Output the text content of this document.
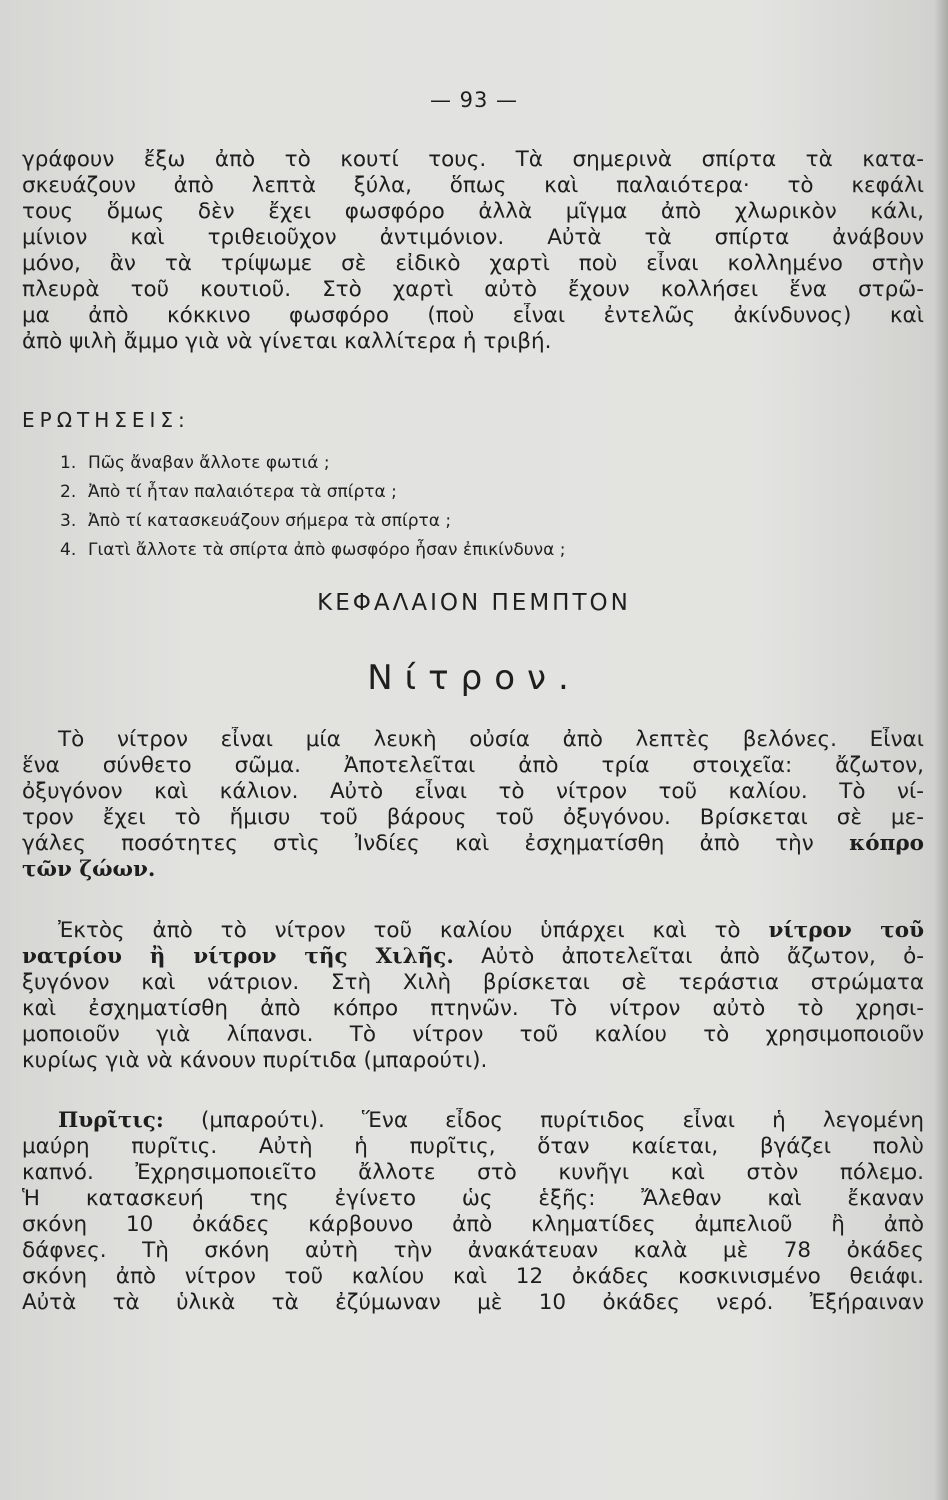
— 93 —
γράφουν ἔξω ἀπὸ τὸ κουτί τους. Τὰ σημερινὰ σπίρτα τὰ κατα-
σκευάζουν ἀπὸ λεπτὰ ξύλα, ὅπως καὶ παλαιότερα· τὸ κεφάλι
τους ὅμως δὲν ἔχει φωσφόρο ἀλλὰ μῖγμα ἀπὸ χλωρικὸν κάλι,
μίνιον καὶ τριθειοῦχον ἀντιμόνιον. Αὐτὰ τὰ σπίρτα ἀνάβουν
μόνο, ἂν τὰ τρίψωμε σὲ εἰδικὸ χαρτὶ ποὺ εἶναι κολλημένο στὴν
πλευρὰ τοῦ κουτιοῦ. Στὸ χαρτὶ αὐτὸ ἔχουν κολλήσει ἕνα στρῶ-
μα ἀπὸ κόκκινο φωσφόρο (ποὺ εἶναι ἐντελῶς ἀκίνδυνος) καὶ
ἀπὸ ψιλὴ ἄμμο γιὰ νὰ γίνεται καλλίτερα ἡ τριβή.
ΕΡΩΤΗΣΕΙΣ:
1. Πῶς ἄναβαν ἄλλοτε φωτιά ;
2. Ἀπὸ τί ἦταν παλαιότερα τὰ σπίρτα ;
3. Ἀπὸ τί κατασκευάζουν σήμερα τὰ σπίρτα ;
4. Γιατὶ ἄλλοτε τὰ σπίρτα ἀπὸ φωσφόρο ἦσαν ἐπικίνδυνα ;
ΚΕΦΑΛΑΙΟΝ ΠΕΜΠΤΟΝ
Νίτρον.
Τὸ νίτρον εἶναι μία λευκὴ οὐσία ἀπὸ λεπτὲς βελόνες. Εἶναι
ἕνα σύνθετο σῶμα. Ἀποτελεῖται ἀπὸ τρία στοιχεῖα: ἄζωτον,
ὀξυγόνον καὶ κάλιον. Αὐτὸ εἶναι τὸ νίτρον τοῦ καλίου. Τὸ νί-
τρον ἔχει τὸ ἥμισυ τοῦ βάρους τοῦ ὀξυγόνου. Βρίσκεται σὲ με-
γάλες ποσότητες στὶς Ἰνδίες καὶ ἐσχηματίσθη ἀπὸ τὴν κόπρο
τῶν ζώων.
Ἐκτὸς ἀπὸ τὸ νίτρον τοῦ καλίου ὑπάρχει καὶ τὸ νίτρον τοῦ
νατρίου ἢ νίτρον τῆς Χιλῆς. Αὐτὸ ἀποτελεῖται ἀπὸ ἄζωτον, ὀ-
ξυγόνον καὶ νάτριον. Στὴ Χιλὴ βρίσκεται σὲ τεράστια στρώματα
καὶ ἐσχηματίσθη ἀπὸ κόπρο πτηνῶν. Τὸ νίτρον αὐτὸ τὸ χρησι-
μοποιοῦν γιὰ λίπανσι. Τὸ νίτρον τοῦ καλίου τὸ χρησιμοποιοῦν
κυρίως γιὰ νὰ κάνουν πυρίτιδα (μπαρούτι).
Πυρῖτις: (μπαρούτι). Ἕνα εἶδος πυρίτιδος εἶναι ἡ λεγομένη
μαύρη πυρῖτις. Αὐτὴ ἡ πυρῖτις, ὅταν καίεται, βγάζει πολὺ
καπνό. Ἐχρησιμοποιεῖτο ἄλλοτε στὸ κυνῆγι καὶ στὸν πόλεμο.
Ἡ κατασκευή της ἐγίνετο ὡς ἑξῆς: Ἄλεθαν καὶ ἔκαναν
σκόνη 10 ὀκάδες κάρβουνο ἀπὸ κληματίδες ἀμπελιοῦ ἢ ἀπὸ
δάφνες. Τὴ σκόνη αὐτὴ τὴν ἀνακάτευαν καλὰ μὲ 78 ὀκάδες
σκόνη ἀπὸ νίτρον τοῦ καλίου καὶ 12 ὀκάδες κοσκινισμένο θειάφι.
Αὐτὰ τὰ ὑλικὰ τὰ ἐζύμωναν μὲ 10 ὀκάδες νερό. Ἐξήραιναν
